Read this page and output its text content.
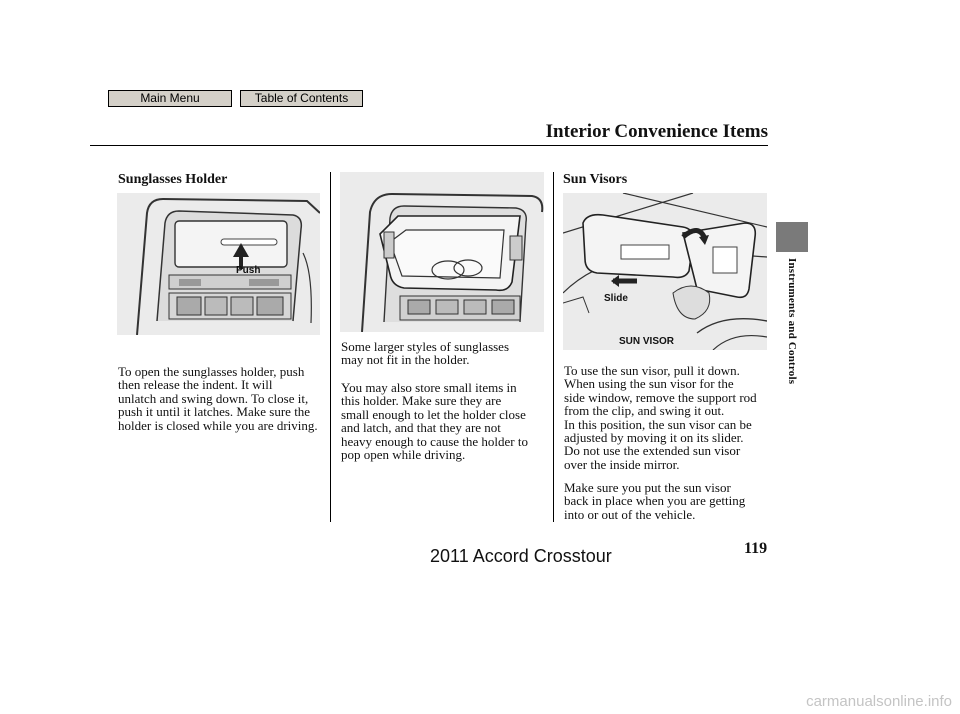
Main Menu	Table of Contents
Interior Convenience Items
Sunglasses Holder	Sun Visors
Push
Slide
SUN VISOR

To open the sunglasses holder, push
then release the indent. It will
unlatch and swing down. To close it,
push it until it latches. Make sure the
holder is closed while you are driving.

Some larger styles of sunglasses
may not fit in the holder.

You may also store small items in
this holder. Make sure they are
small enough to let the holder close
and latch, and that they are not
heavy enough to cause the holder to
pop open while driving.

To use the sun visor, pull it down.
When using the sun visor for the
side window, remove the support rod
from the clip, and swing it out.
In this position, the sun visor can be
adjusted by moving it on its slider.
Do not use the extended sun visor
over the inside mirror.

Make sure you put the sun visor
back in place when you are getting
into or out of the vehicle.

Instruments and Controls
119
2011 Accord Crosstour
carmanualsonline.info
